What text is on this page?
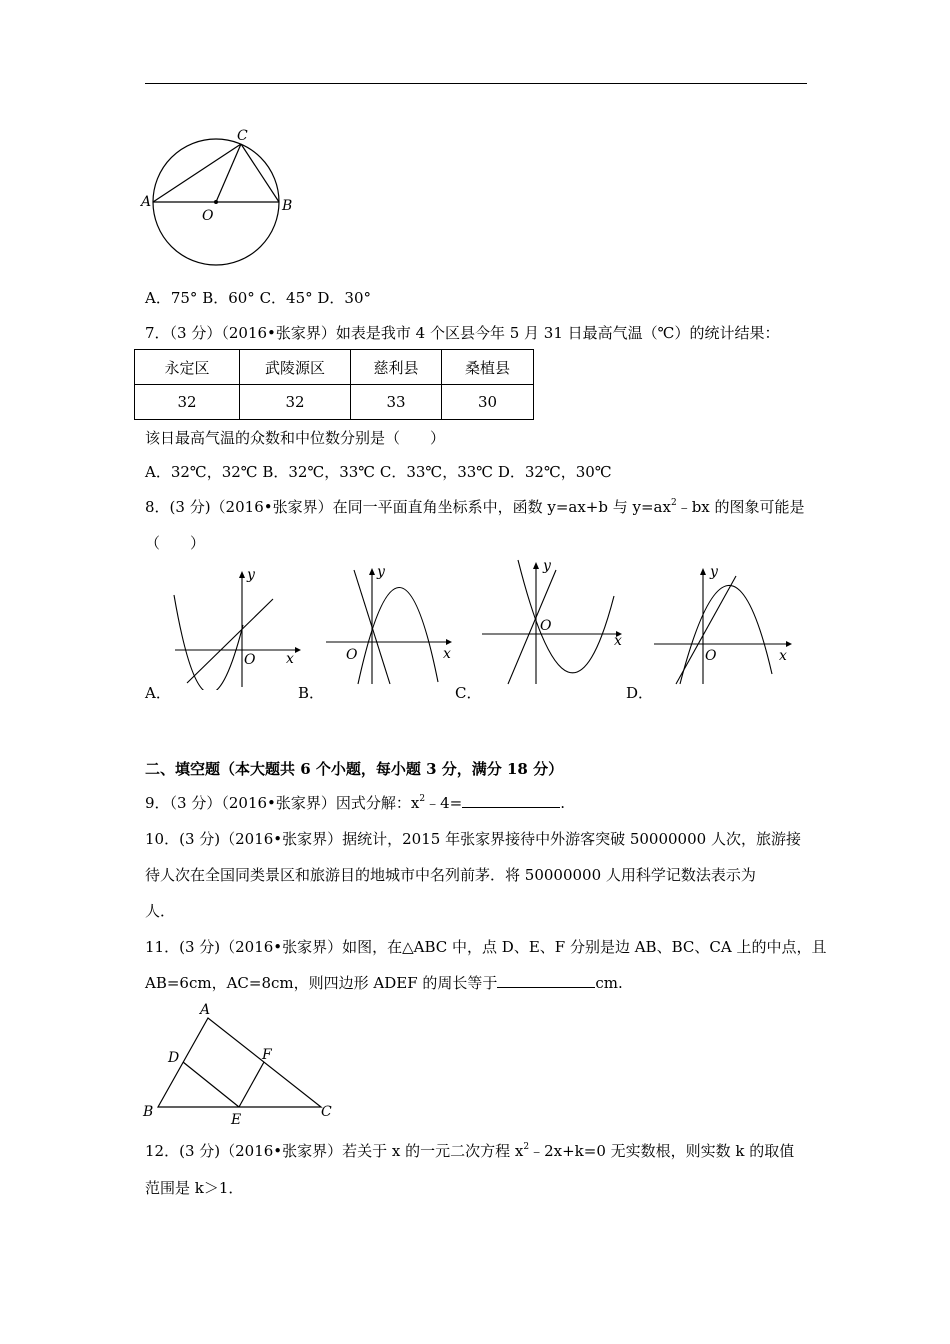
A	B
C
O
A．75° B．60° C．45° D．30°
7．（3 分）（2016•张家界）如表是我市 4 个区县今年 5 月 31 日最高气温（℃）的统计结果：
永定区	武陵源区	慈利县	桑植县
32	32	33	30
该日最高气温的众数和中位数分别是（　　）
A．32℃，32℃ B．32℃，33℃ C．33℃，33℃ D．32℃，30℃
8．(3 分)（2016•张家界）在同一平面直角坐标系中，函数 y=ax+b 与 $y=ax^2﹣bx$ 的图象可能是
（　　）
y
x
O
y
x
O
y
x
O
y
x
O
A．	B．	C．	D．
二、填空题（本大题共 6 个小题，每小题 3 分，满分 18 分）
9．（3 分）（2016•张家界）因式分解：$x^2﹣4=$	.
10．(3 分)（2016•张家界）据统计，2015 年张家界接待中外游客突破 50000000 人次，旅游接
待人次在全国同类景区和旅游目的地城市中名列前茅．将 50000000 人用科学记数法表示为
人．
11．(3 分)（2016•张家界）如图，在△ABC 中，点 D、E、F 分别是边 AB、BC、CA 上的中点，且
AB=6cm，AC=8cm，则四边形 ADEF 的周长等于	cm.
A
B	C
D
E
F
12．(3 分)（2016•张家界）若关于 x 的一元二次方程 $x^2﹣2x+k=0$ 无实数根，则实数 k 的取值
范围是 k＞1．
